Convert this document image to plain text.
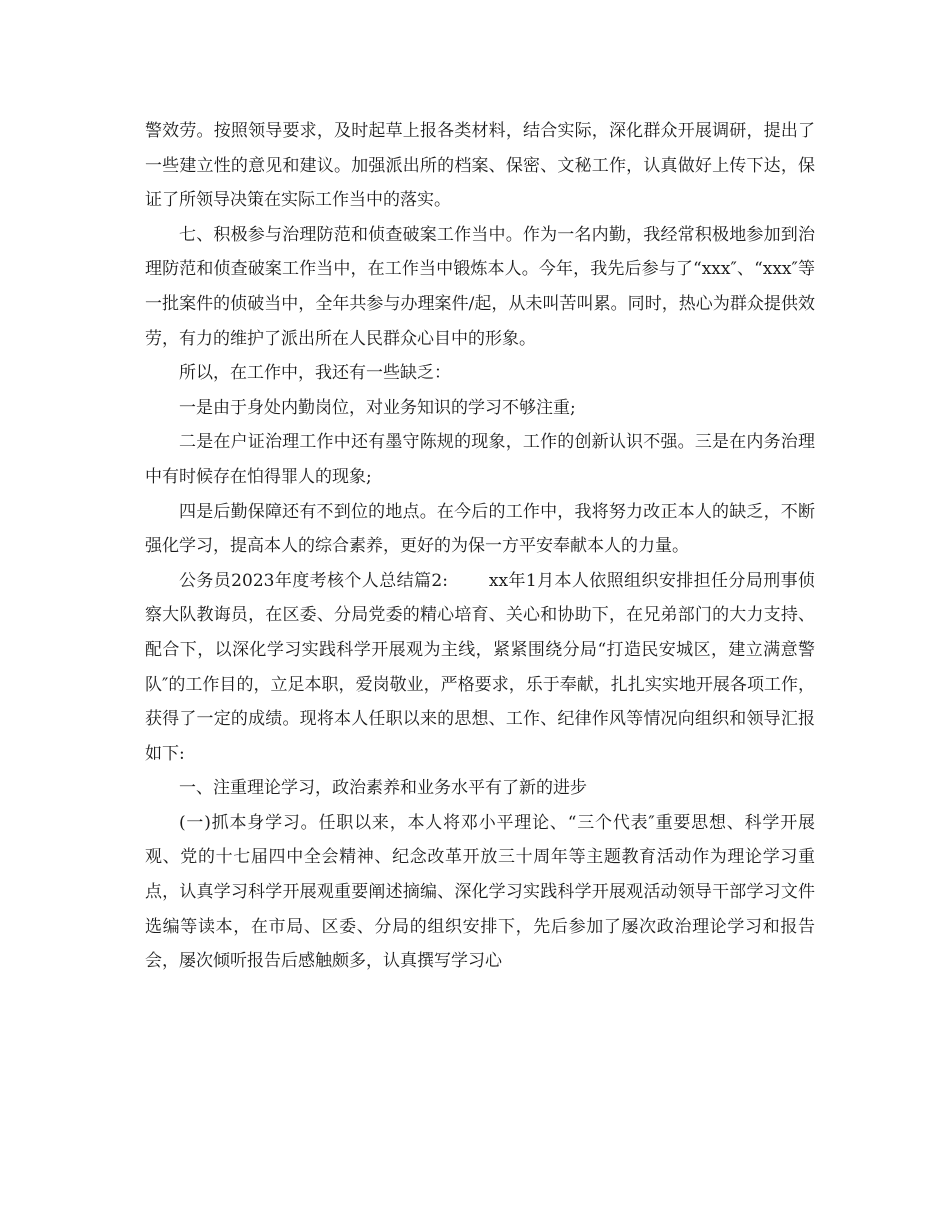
警效劳。按照领导要求，及时起草上报各类材料，结合实际，深化群众开展调研，提出了一些建立性的意见和建议。加强派出所的档案、保密、文秘工作，认真做好上传下达，保证了所领导决策在实际工作当中的落实。

七、积极参与治理防范和侦查破案工作当中。作为一名内勤，我经常积极地参加到治理防范和侦查破案工作当中，在工作当中锻炼本人。今年，我先后参与了“xxx″、“xxx″等一批案件的侦破当中，全年共参与办理案件/起，从未叫苦叫累。同时，热心为群众提供效劳，有力的维护了派出所在人民群众心目中的形象。

所以，在工作中，我还有一些缺乏：

一是由于身处内勤岗位，对业务知识的学习不够注重;

二是在户证治理工作中还有墨守陈规的现象，工作的创新认识不强。三是在内务治理中有时候存在怕得罪人的现象;

四是后勤保障还有不到位的地点。在今后的工作中，我将努力改正本人的缺乏，不断强化学习，提高本人的综合素养，更好的为保一方平安奉献本人的力量。

公务员2023年度考核个人总结篇2:　　 xx年1月本人依照组织安排担任分局刑事侦察大队教诲员，在区委、分局党委的精心培育、关心和协助下，在兄弟部门的大力支持、配合下，以深化学习实践科学开展观为主线，紧紧围绕分局“打造民安城区，建立满意警队″的工作目的，立足本职，爱岗敬业，严格要求，乐于奉献，扎扎实实地开展各项工作，获得了一定的成绩。现将本人任职以来的思想、工作、纪律作风等情况向组织和领导汇报如下:

一、注重理论学习，政治素养和业务水平有了新的进步

(一)抓本身学习。任职以来，本人将邓小平理论、“三个代表″重要思想、科学开展观、党的十七届四中全会精神、纪念改革开放三十周年等主题教育活动作为理论学习重点，认真学习科学开展观重要阐述摘编、深化学习实践科学开展观活动领导干部学习文件选编等读本，在市局、区委、分局的组织安排下，先后参加了屡次政治理论学习和报告会，屡次倾听报告后感触颇多，认真撰写学习心
